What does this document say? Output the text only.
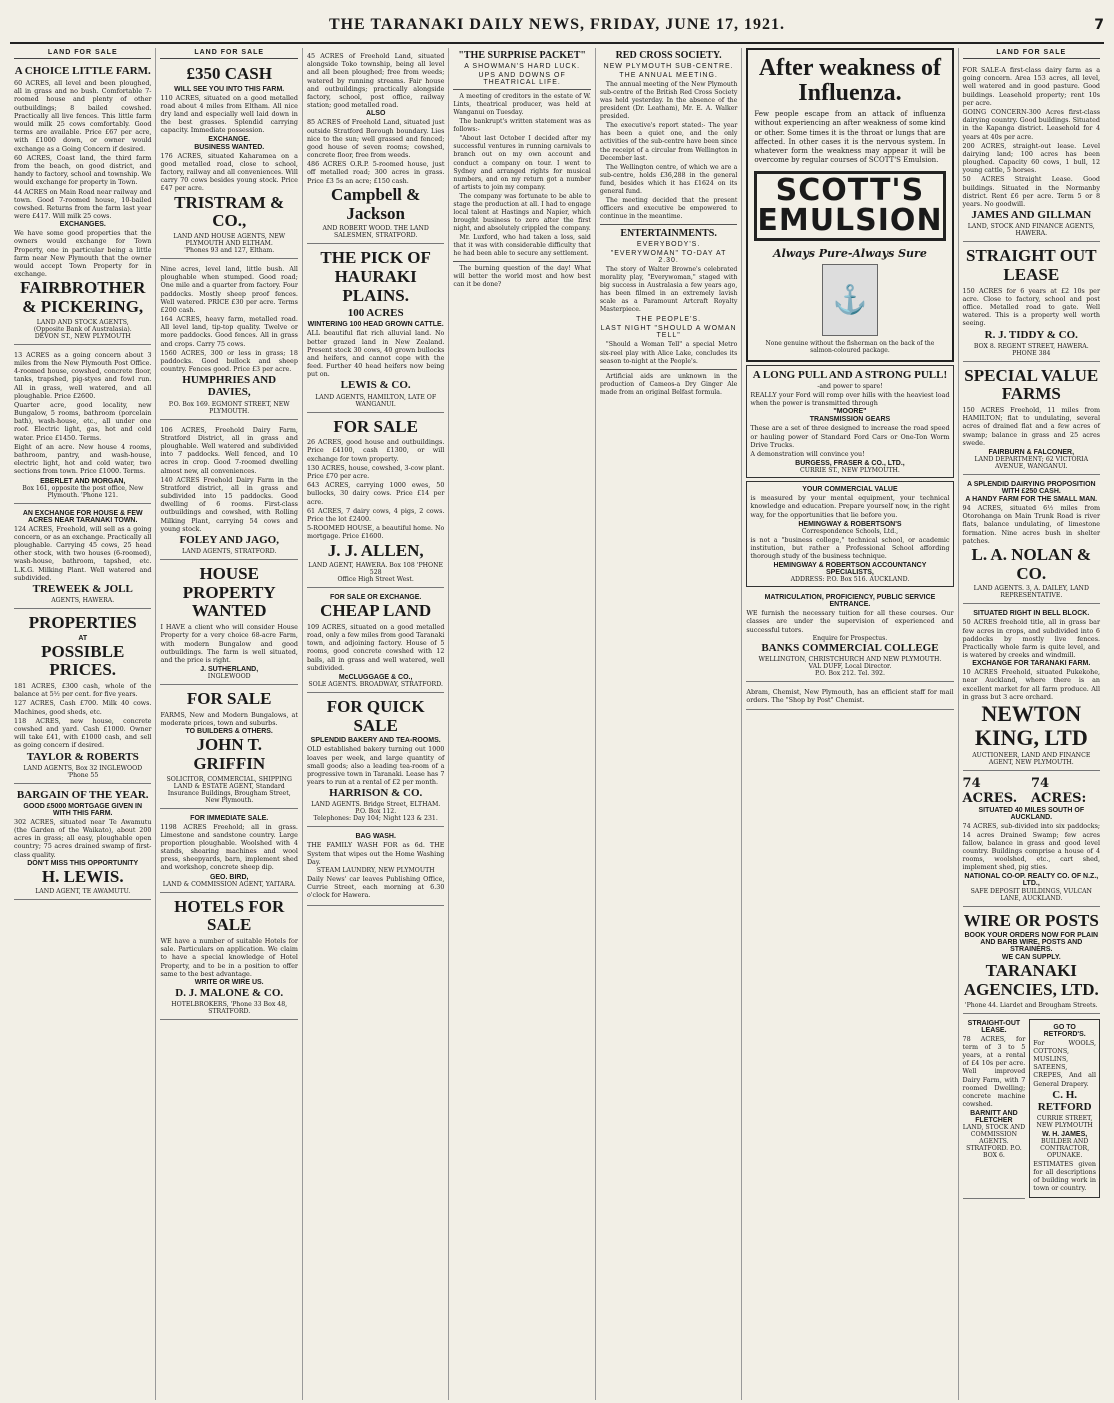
THE TARANAKI DAILY NEWS, FRIDAY, JUNE 17, 1921.	7
LAND FOR SALE
A CHOICE LITTLE FARM.

60 ACRES, all level and been ploughed, all in grass and no bush. Comfortable 7-roomed house and plenty of other outbuildings; 8 bailed cowshed. Practically all live fences. This little farm would milk 25 cows comfortably. Good terms are available. Price £67 per acre, with £1000 down, or owner would exchange as a Going Concern if desired.

60 ACRES, Coast land, the third farm from the beach, on good district, and handy to factory, school and township. We would exchange for property in Town.

44 ACRES on Main Road near railway and town. Good 7-roomed house, 10-bailed cowshed. Returns from the farm last year were £417. Will milk 25 cows.

EXCHANGES.

We have some good properties that the owners would exchange for Town Property, one in particular being a little farm near New Plymouth that the owner would accept Town Property for in exchange.

FAIRBROTHER & PICKERING,
LAND AND STOCK AGENTS,
(Opposite Bank of Australasia).
DEVON ST., NEW PLYMOUTH

13 ACRES as a going concern about 3 miles from the New Plymouth Post Office. 4-roomed house, cowshed, concrete floor, tanks, trapshed, pig-styes and fowl run. All in grass, well watered, and all ploughable. Price £2600.

Quarter acre, good locality, new Bungalow, 5 rooms, bathroom (porcelain bath), wash-house, etc., all under one roof. Electric light, gas, hot and cold water. Price £1450. Terms.

Eight of an acre. New house 4 rooms, bathroom, pantry, and wash-house, electric light, hot and cold water, two sections from town. Price £1000. Terms.

EBERLET AND MORGAN,
Box 161, opposite the post office, New Plymouth. 'Phone 121.
AN EXCHANGE FOR HOUSE & FEW ACRES NEAR TARANAKI TOWN.

124 ACRES, Freehold, will sell as a going concern, or as an exchange. Practically all ploughable. Carrying 45 cows, 25 head other stock, with two houses (6-roomed), wash-house, bathroom, tapshed, etc. L.K.G. Milking Plant. Well watered and subdivided.

TREWEEK & JOLL
AGENTS, HAWERA.
PROPERTIES
AT
POSSIBLE PRICES.

181 ACRES, £300 cash, whole of the balance at 5½ per cent. for five years.

127 ACRES, Cash £700. Milk 40 cows. Machines, good sheds, etc.

118 ACRES, new house, concrete cowshed and yard. Cash £1000. Owner will take £41, with £1000 cash, and sell as going concern if desired.

TAYLOR & ROBERTS
LAND AGENTS, Box 32 INGLEWOOD 'Phone 55
BARGAIN OF THE YEAR.
GOOD £5000 MORTGAGE GIVEN IN WITH THIS FARM.

302 ACRES, situated near Te Awamutu (the Garden of the Waikato), about 200 acres in grass; all easy, ploughable open country; 75 acres drained swamp of first-class quality.

DON'T MISS THIS OPPORTUNITY
H. LEWIS.
LAND AGENT, TE AWAMUTU.
LAND FOR SALE
£350 CASH
WILL SEE YOU INTO THIS FARM.

110 ACRES, situated on a good metalled road about 4 miles from Eltham. All nice dry land and especially well laid down in the best grasses. Splendid carrying capacity. Immediate possession.

EXCHANGE.
BUSINESS WANTED.

176 ACRES, situated Kaharamea on a good metalled road, close to school, factory, railway and all conveniences. Will carry 70 cows besides young stock. Price £47 per acre.

TRISTRAM & CO.,
LAND AND HOUSE AGENTS, NEW PLYMOUTH AND ELTHAM.
'Phones 93 and 127, Eltham.

Nine acres, level land, little bush. All ploughable when stumped. Good road; One mile and a quarter from factory. Four paddocks. Mostly sheep proof fences. Well watered. PRICE £30 per acre. Terms £200 cash.

164 ACRES, heavy farm, metalled road. All level land, tip-top quality. Twelve or more paddocks. Good fences. All in grass and crops. Carry 75 cows.

1560 ACRES, 300 or less in grass; 18 paddocks. Good bullock and sheep country. Fences good. Price £3 per acre.

HUMPHRIES AND DAVIES,
P.O. Box 169. EGMONT STREET, NEW PLYMOUTH.

106 ACRES, Freehold Dairy Farm, Stratford District, all in grass and ploughable. Well watered and subdivided into 7 paddocks. Well fenced, and 10 acres in crop. Good 7-roomed dwelling almost new, all conveniences.

140 ACRES Freehold Dairy Farm in the Stratford district, all in grass and subdivided into 15 paddocks. Good dwelling of 6 rooms. First-class outbuildings and cowshed, with Rolling Milking Plant, carrying 54 cows and young stock.

FOLEY AND JAGO,
LAND AGENTS, STRATFORD.
HOUSE PROPERTY WANTED

I HAVE a client who will consider House Property for a very choice 68-acre Farm, with modern Bungalow and good outbuildings. The farm is well situated, and the price is right.

J. SUTHERLAND,
INGLEWOOD
FOR SALE

FARMS, New and Modern Bungalows, at moderate prices, town and suburbs.

TO BUILDERS & OTHERS.
JOHN T. GRIFFIN
SOLICITOR, COMMERCIAL, SHIPPING LAND & ESTATE AGENT, Standard Insurance Buildings, Brougham Street, New Plymouth.
FOR IMMEDIATE SALE.

1198 ACRES Freehold; all in grass. Limestone and sandstone country. Large proportion ploughable. Woolshed with 4 stands, shearing machines and wool press, sheepyards, barn, implement shed and workshop, concrete sheep dip.

GEO. BIRD,
LAND & COMMISSION AGENT, YAITARA.
HOTELS FOR SALE

WE have a number of suitable Hotels for sale. Particulars on application. We claim to have a special knowledge of Hotel Property, and to be in a position to offer same to the best advantage.

WRITE OR WIRE US.
D. J. MALONE & CO.
HOTELBROKERS, 'Phone 33 Box 48, STRATFORD.

45 ACRES of Freehold Land, situated alongside Toko township, being all level and all been ploughed; free from weeds; watered by running streams. Fair house and outbuildings; practically alongside factory, school, post office, railway station; good metalled road.

ALSO

85 ACRES of Freehold Land, situated just outside Stratford Borough boundary. Lies nice to the sun; well grassed and fenced; good house of seven rooms; cowshed, concrete floor, free from weeds.

486 ACRES O.R.P. 5-roomed house, just off metalled road; 300 acres in grass. Price £3 5s an acre; £150 cash.

Campbell & Jackson
AND ROBERT WOOD. THE LAND SALESMEN, STRATFORD.
THE PICK OF HAURAKI PLAINS.
100 ACRES
WINTERING 100 HEAD GROWN CATTLE.

ALL beautiful flat rich alluvial land. No better grazed land in New Zealand. Present stock 30 cows, 40 grown bullocks and heifers, and cannot cope with the feed. Further 40 head heifers now being put on.

LEWIS & CO.
LAND AGENTS, HAMILTON, LATE OF WANGANUI.
FOR SALE

26 ACRES, good house and outbuildings. Price £4100, cash £1300, or will exchange for town property.

130 ACRES, house, cowshed, 3-cow plant. Price £70 per acre.

643 ACRES, carrying 1000 ewes, 50 bullocks, 30 dairy cows. Price £14 per acre.

61 ACRES, 7 dairy cows, 4 pigs, 2 cows. Price the lot £2400.

5-ROOMED HOUSE, a beautiful home. No mortgage. Price £1600.

J. J. ALLEN,
LAND AGENT, HAWERA. Box 108 'PHONE 528
Office High Street West.
FOR SALE OR EXCHANGE.
CHEAP LAND

109 ACRES, situated on a good metalled road, only a few miles from good Taranaki town, and adjoining factory. House of 5 rooms, good concrete cowshed with 12 bails, all in grass and well watered, well subdivided.

McCLUGGAGE & CO.,
SOLE AGENTS. BROADWAY, STRATFORD.
FOR QUICK SALE
SPLENDID BAKERY AND TEA-ROOMS.

OLD established bakery turning out 1000 loaves per week, and large quantity of small goods; also a leading tea-room of a progressive town in Taranaki. Lease has 7 years to run at a rental of £2 per month.

HARRISON & CO.
LAND AGENTS. Bridge Street, ELTHAM.
P.O. Box 112.
Telephones: Day 104; Night 123 & 231.
BAG WASH.

THE FAMILY WASH FOR as 6d. THE System that wipes out the Home Washing Day.

STEAM LAUNDRY, NEW PLYMOUTH

Daily News' car leaves Publishing Office, Currie Street, each morning at 6.30 o'clock for Hawera.

"THE SURPRISE PACKET"
A SHOWMAN'S HARD LUCK.
UPS AND DOWNS OF THEATRICAL LIFE.

A meeting of creditors in the estate of W. Lints, theatrical producer, was held at Wanganui on Tuesday.

The bankrupt's written statement was as follows:-

"About last October I decided after my successful ventures in running carnivals to branch out on my own account and conduct a company on tour. I went to Sydney and arranged rights for musical numbers, and on my return got a number of artists to join my company.

The company was fortunate to be able to stage the production at all. I had to engage local talent at Hastings and Napier, which brought business to zero after the first night, and absolutely crippled the company.

Mr. Luxford, who had taken a loss, said that it was with considerable difficulty that he had been able to secure any settlement.

The burning question of the day! What will better the world most and how best can it be done?

RED CROSS SOCIETY.
NEW PLYMOUTH SUB-CENTRE.
THE ANNUAL MEETING.

The annual meeting of the New Plymouth sub-centre of the British Red Cross Society was held yesterday. In the absence of the president (Dr. Leatham), Mr. E. A. Walker presided.

The executive's report stated:- The year has been a quiet one, and the only activities of the sub-centre have been since the receipt of a circular from Wellington in December last.

The Wellington centre, of which we are a sub-centre, holds £36,288 in the general fund, besides which it has £1624 on its general fund.

The meeting decided that the present officers and executive be empowered to continue in the meantime.

ENTERTAINMENTS.
EVERYBODY'S.
"EVERYWOMAN" TO-DAY AT 2.30.

The story of Walter Browne's celebrated morality play, "Everywoman," staged with big success in Australasia a few years ago, has been filmed in an extremely lavish scale as a Paramount Artcraft Royalty Masterpiece.

THE PEOPLE'S.
LAST NIGHT "SHOULD A WOMAN TELL"

"Should a Woman Tell" a special Metro six-reel play with Alice Lake, concludes its season to-night at the People's.

Artificial aids are unknown in the production of Cameos-a Dry Ginger Ale made from an original Belfast formula.

After weakness of Influenza.

Few people escape from an attack of influenza without experiencing an after weakness of some kind or other. Some times it is the throat or lungs that are affected. In other cases it is the nervous system. In whatever form the weakness may appear it will be overcome by regular courses of SCOTT'S Emulsion.

SCOTT'S EMULSION
Always Pure-Always Sure
⚓

None genuine without the fisherman on the back of the salmon-coloured package.

A LONG PULL AND A STRONG PULL!
-and power to spare!

REALLY your Ford will romp over hills with the heaviest load when the power is transmitted through

"MOORE"
TRANSMISSION GEARS

These are a set of three designed to increase the road speed or hauling power of Standard Ford Cars or One-Ton Worm Drive Trucks.

A demonstration will convince you!

BURGESS, FRASER & CO., LTD.,
CURRIE ST., NEW PLYMOUTH.
YOUR COMMERCIAL VALUE

is measured by your mental equipment, your technical knowledge and education. Prepare yourself now, in the right way, for the opportunities that lie before you.

HEMINGWAY & ROBERTSON'S
Correspondence Schools, Ltd.,

is not a "business college," technical school, or academic institution, but rather a Professional School affording thorough study of the business technique.

HEMINGWAY & ROBERTSON ACCOUNTANCY SPECIALISTS,
ADDRESS: P.O. Box 516. AUCKLAND.
MATRICULATION, PROFICIENCY, PUBLIC SERVICE ENTRANCE.

WE furnish the necessary tuition for all these courses. Our classes are under the supervision of experienced and successful tutors.

Enquire for Prospectus.
BANKS COMMERCIAL COLLEGE
WELLINGTON, CHRISTCHURCH AND NEW PLYMOUTH.
VAL DUFF, Local Director.
P.O. Box 212. Tel. 392.

Abram, Chemist, New Plymouth, has an efficient staff for mail orders. The "Shop by Post" Chemist.

LAND FOR SALE

FOR SALE-A first-class dairy farm as a going concern. Area 153 acres, all level, well watered and in good pasture. Good buildings. Leasehold property; rent 10s per acre.

GOING CONCERN-300 Acres first-class dairying country. Good buildings. Situated in the Kapanga district. Leasehold for 4 years at 40s per acre.

200 ACRES, straight-out lease. Level dairying land; 100 acres has been ploughed. Capacity 60 cows, 1 bull, 12 young cattle, 5 horses.

50 ACRES Straight Lease. Good buildings. Situated in the Normanby district. Rent £6 per acre. Term 5 or 8 years. No goodwill.

JAMES AND GILLMAN
LAND, STOCK AND FINANCE AGENTS, HAWERA.
STRAIGHT OUT LEASE

150 ACRES for 6 years at £2 10s per acre. Close to factory, school and post office. Metalled road to gate. Well watered. This is a property well worth seeing.

R. J. TIDDY & CO.
BOX 8. REGENT STREET, HAWERA. PHONE 384
SPECIAL VALUE FARMS

150 ACRES Freehold, 11 miles from HAMILTON; flat to undulating, several acres of drained flat and a few acres of swamp; balance in grass and 25 acres swede.

FAIRBURN & FALCONER,
LAND DEPARTMENT; 62 VICTORIA AVENUE, WANGANUI.
A SPLENDID DAIRYING PROPOSITION WITH £250 CASH.
A HANDY FARM FOR THE SMALL MAN.

94 ACRES, situated 6½ miles from Otorohanga on Main Trunk Road is river flats, balance undulating, of limestone formation. Nine acres bush in shelter patches.

L. A. NOLAN & CO.
LAND AGENTS. 3, A. DAILEY, LAND REPRESENTATIVE.
SITUATED RIGHT IN BELL BLOCK.

50 ACRES freehold title, all in grass bar few acres in crops, and subdivided into 6 paddocks by mostly live fences. Practically whole farm is quite level, and is watered by creeks and windmill.

EXCHANGE FOR TARANAKI FARM.

10 ACRES Freehold, situated Pukekohe, near Auckland, where there is an excellent market for all farm produce. All in grass but 3 acre orchard.

NEWTON KING, LTD
AUCTIONEER, LAND AND FINANCE AGENT, NEW PLYMOUTH.
74 ACRES.
74 ACRES:
SITUATED 40 MILES SOUTH OF AUCKLAND.

74 ACRES, sub-divided into six paddocks; 14 acres Drained Swamp; few acres fallow, balance in grass and good level country. Buildings comprise a house of 4 rooms, woolshed, etc., cart shed, implement shed, pig sties.

NATIONAL CO-OP. REALTY CO. OF N.Z., LTD.,
SAFE DEPOSIT BUILDINGS, VULCAN LANE, AUCKLAND.
WIRE OR POSTS
BOOK YOUR ORDERS NOW FOR PLAIN AND BARB WIRE, POSTS AND STRAINERS.
WE CAN SUPPLY.
TARANAKI AGENCIES, LTD.
'Phone 44. Liardet and Brougham Streets.
STRAIGHT-OUT LEASE.

78 ACRES, for term of 3 to 5 years, at a rental of £4 10s per acre. Well improved Dairy Farm, with 7 roomed Dwelling; concrete machine cowshed.

BARNITT AND FLETCHER
LAND, STOCK AND COMMISSION AGENTS.
STRATFORD. P.O. BOX 6.
GO TO RETFORD'S.

For WOOLS, COTTONS, MUSLINS, SATEENS, CREPES, And all General Drapery.

C. H. RETFORD
CURRIE STREET, NEW PLYMOUTH
W. H. JAMES,
BUILDER AND CONTRACTOR, OPUNAKE.

ESTIMATES given for all descriptions of building work in town or country.
